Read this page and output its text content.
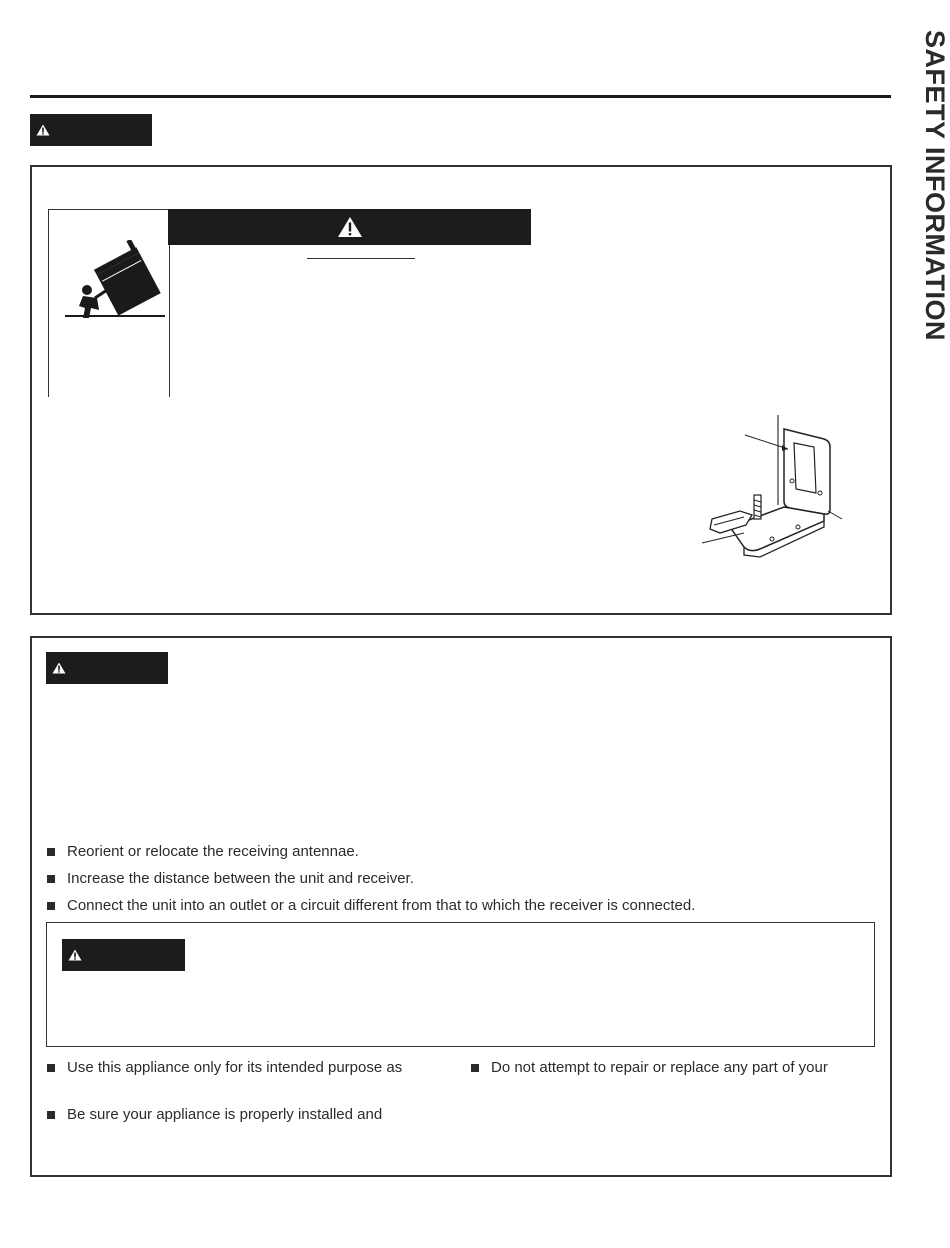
SAFETY INFORMATION
Reorient or relocate the receiving antennae.
Increase the distance between the unit and receiver.
Connect the unit into an outlet or a circuit different from that to which the receiver is connected.
Use this appliance only for its intended purpose as	Do not attempt to repair or replace any part of your
Be sure your appliance is properly installed and
